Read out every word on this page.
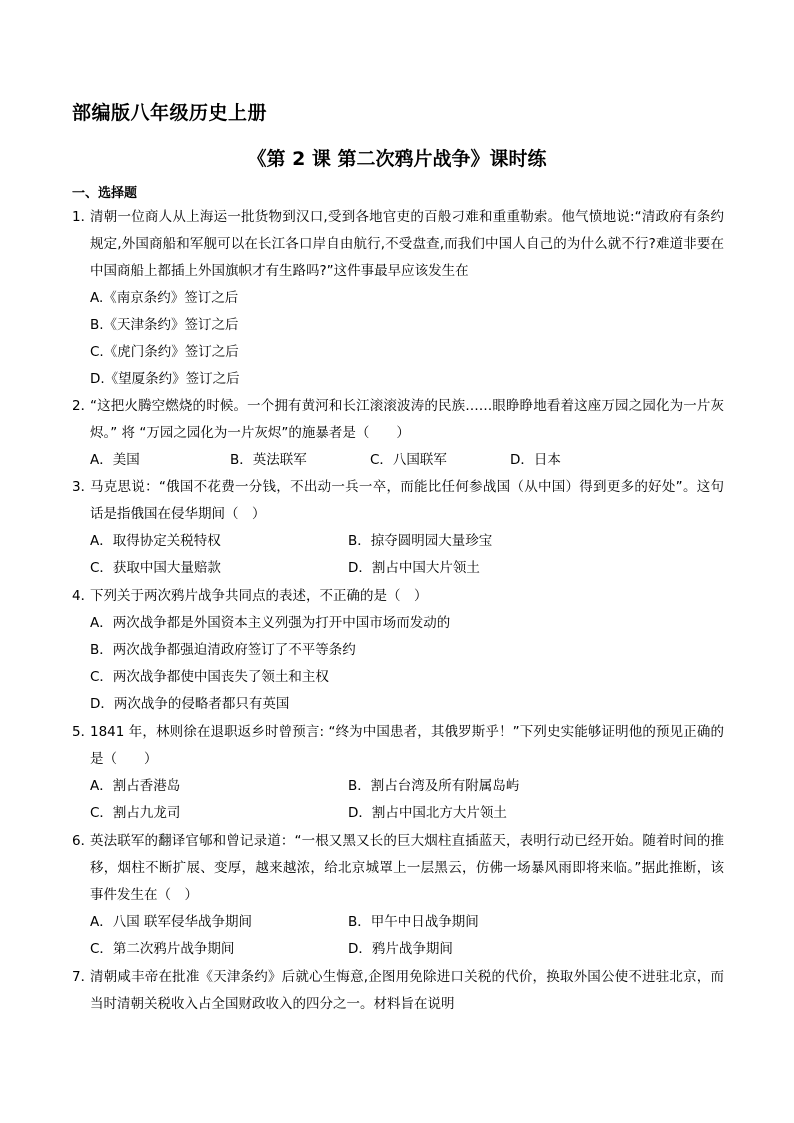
部编版八年级历史上册
《第 2 课 第二次鸦片战争》课时练
一、选择题
1．
清朝一位商人从上海运一批货物到汉口,受到各地官吏的百般刁难和重重勒索。他气愤地说:“清政府有条约规定,外国商船和军舰可以在长江各口岸自由航行,不受盘查,而我们中国人自己的为什么就不行?难道非要在中国商船上都插上外国旗帜才有生路吗?”这件事最早应该发生在
A.《南京条约》签订之后
B.《天津条约》签订之后
C.《虎门条约》签订之后
D.《望厦条约》签订之后
2．
“这把火腾空燃烧的时候。一个拥有黄河和长江滚滚波涛的民族……眼睁睁地看着这座万园之园化为一片灰烬。” 将 “万园之园化为一片灰烬”的施暴者是（　　）
A．美国	B．英法联军	C．八国联军	D．日本
3．
马克思说：“俄国不花费一分钱，不出动一兵一卒，而能比任何参战国（从中国）得到更多的好处”。这句话是指俄国在侵华期间（　）
A．取得协定关税特权	B．掠夺圆明园大量珍宝
C．获取中国大量赔款	D．割占中国大片领土
4．
下列关于两次鸦片战争共同点的表述，不正确的是（　）
A．两次战争都是外国资本主义列强为打开中国市场而发动的
B．两次战争都强迫清政府签订了不平等条约
C．两次战争都使中国丧失了领土和主权
D．两次战争的侵略者都只有英国
5．
1841 年，林则徐在退职返乡时曾预言: “终为中国患者，其俄罗斯乎！”下列史实能够证明他的预见正确的是（　　）
A．割占香港岛	B．割占台湾及所有附属岛屿
C．割占九龙司	D．割占中国北方大片领土
6．
英法联军的翻译官郇和曾记录道：“一根又黑又长的巨大烟柱直插蓝天，表明行动已经开始。随着时间的推移，烟柱不断扩展、变厚，越来越浓，给北京城罩上一层黑云，仿佛一场暴风雨即将来临。”据此推断，该事件发生在（　）
A．八国 联军侵华战争期间	B．甲午中日战争期间
C．第二次鸦片战争期间	D．鸦片战争期间
7．
清朝咸丰帝在批准《天津条约》后就心生悔意,企图用免除进口关税的代价，换取外国公使不进驻北京，而当时清朝关税收入占全国财政收入的四分之一。材料旨在说明
